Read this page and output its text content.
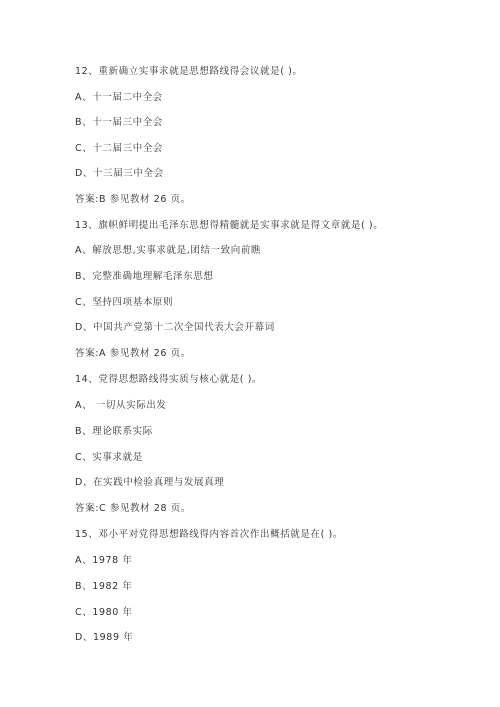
12、重新确立实事求就是思想路线得会议就是( )。
A、十一届二中全会
B、十一届三中全会
C、十二届三中全会
D、十三届三中全会
答案:B 参见教材 26 页。
13、旗帜鲜明提出毛泽东思想得精髓就是实事求就是得文章就是( )。
A、解放思想,实事求就是,团结一致向前瞧
B、完整准确地理解毛泽东思想
C、坚持四项基本原则
D、中国共产党第十二次全国代表大会开幕词
答案:A 参见教材 26 页。
14、党得思想路线得实质与核心就是( )。
A、 一切从实际出发
B、理论联系实际
C、实事求就是
D、在实践中检验真理与发展真理
答案:C 参见教材 28 页。
15、邓小平对党得思想路线得内容首次作出概括就是在( )。
A、1978 年
B、1982 年
C、1980 年
D、1989 年
